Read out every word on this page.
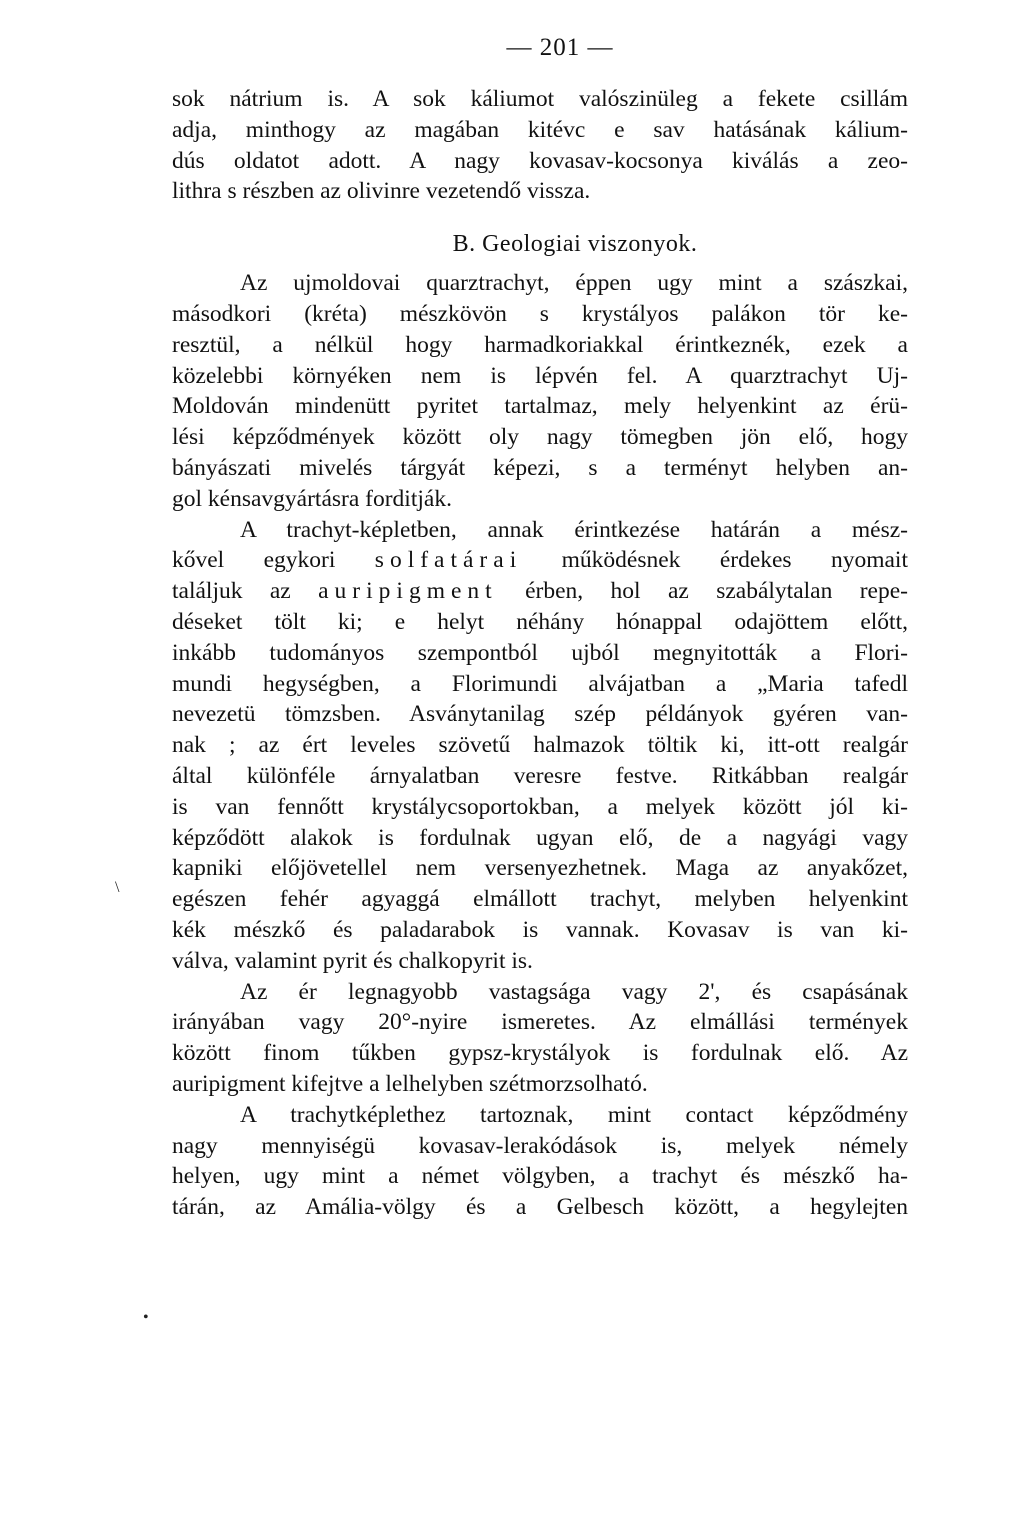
— 201 —
sok nátrium is. A sok káliumot valószinüleg a fekete csillám
adja, minthogy az magában kitévc e sav hatásának kálium-
dús oldatot adott. A nagy kovasav-kocsonya kiválás a zeo-
lithra s részben az olivinre vezetendő vissza.
B. Geologiai viszonyok.
Az ujmoldovai quarztrachyt, éppen ugy mint a szászkai,
másodkori (kréta) mészkövön s krystályos palákon tör ke-
resztül, a nélkül hogy harmadkoriakkal érintkeznék, ezek a
közelebbi környéken nem is lépvén fel. A quarztrachyt Uj-
Moldován mindenütt pyritet tartalmaz, mely helyenkint az érü-
lési képződmények között oly nagy tömegben jön elő, hogy
bányászati mivelés tárgyát képezi, s a terményt helyben an-
gol kénsavgyártásra forditják.
A trachyt-képletben, annak érintkezése határán a mész-
kővel egykori solfatárai működésnek érdekes nyomait
találjuk az auripigment érben, hol az szabálytalan repe-
déseket tölt ki; e helyt néhány hónappal odajöttem előtt,
inkább tudományos szempontból ujból megnyitották a Flori-
mundi hegységben, a Florimundi alvájatban a „Maria tafedl
nevezetü tömzsben. Asványtanilag szép példányok gyéren van-
nak ; az ért leveles szövetű halmazok töltik ki, itt-ott realgár
által különféle árnyalatban veresre festve. Ritkábban realgár
is van fennőtt krystálycsoportokban, a melyek között jól ki-
képződött alakok is fordulnak ugyan elő, de a nagyági vagy
kapniki előjövetellel nem versenyezhetnek. Maga az anyakőzet,
egészen fehér agyaggá elmállott trachyt, melyben helyenkint
kék mészkő és paladarabok is vannak. Kovasav is van ki-
válva, valamint pyrit és chalkopyrit is.
Az ér legnagyobb vastagsága vagy 2', és csapásának
irányában vagy 20°-nyire ismeretes. Az elmállási termények
között finom tűkben gypsz-krystályok is fordulnak elő. Az
auripigment kifejtve a lelhelyben szétmorzsolható.
A trachytképlethez tartoznak, mint contact képződmény
nagy mennyiségü kovasav-lerakódások is, melyek némely
helyen, ugy mint a német völgyben, a trachyt és mészkő ha-
tárán, az Amália-völgy és a Gelbesch között, a hegylejten
\
•
